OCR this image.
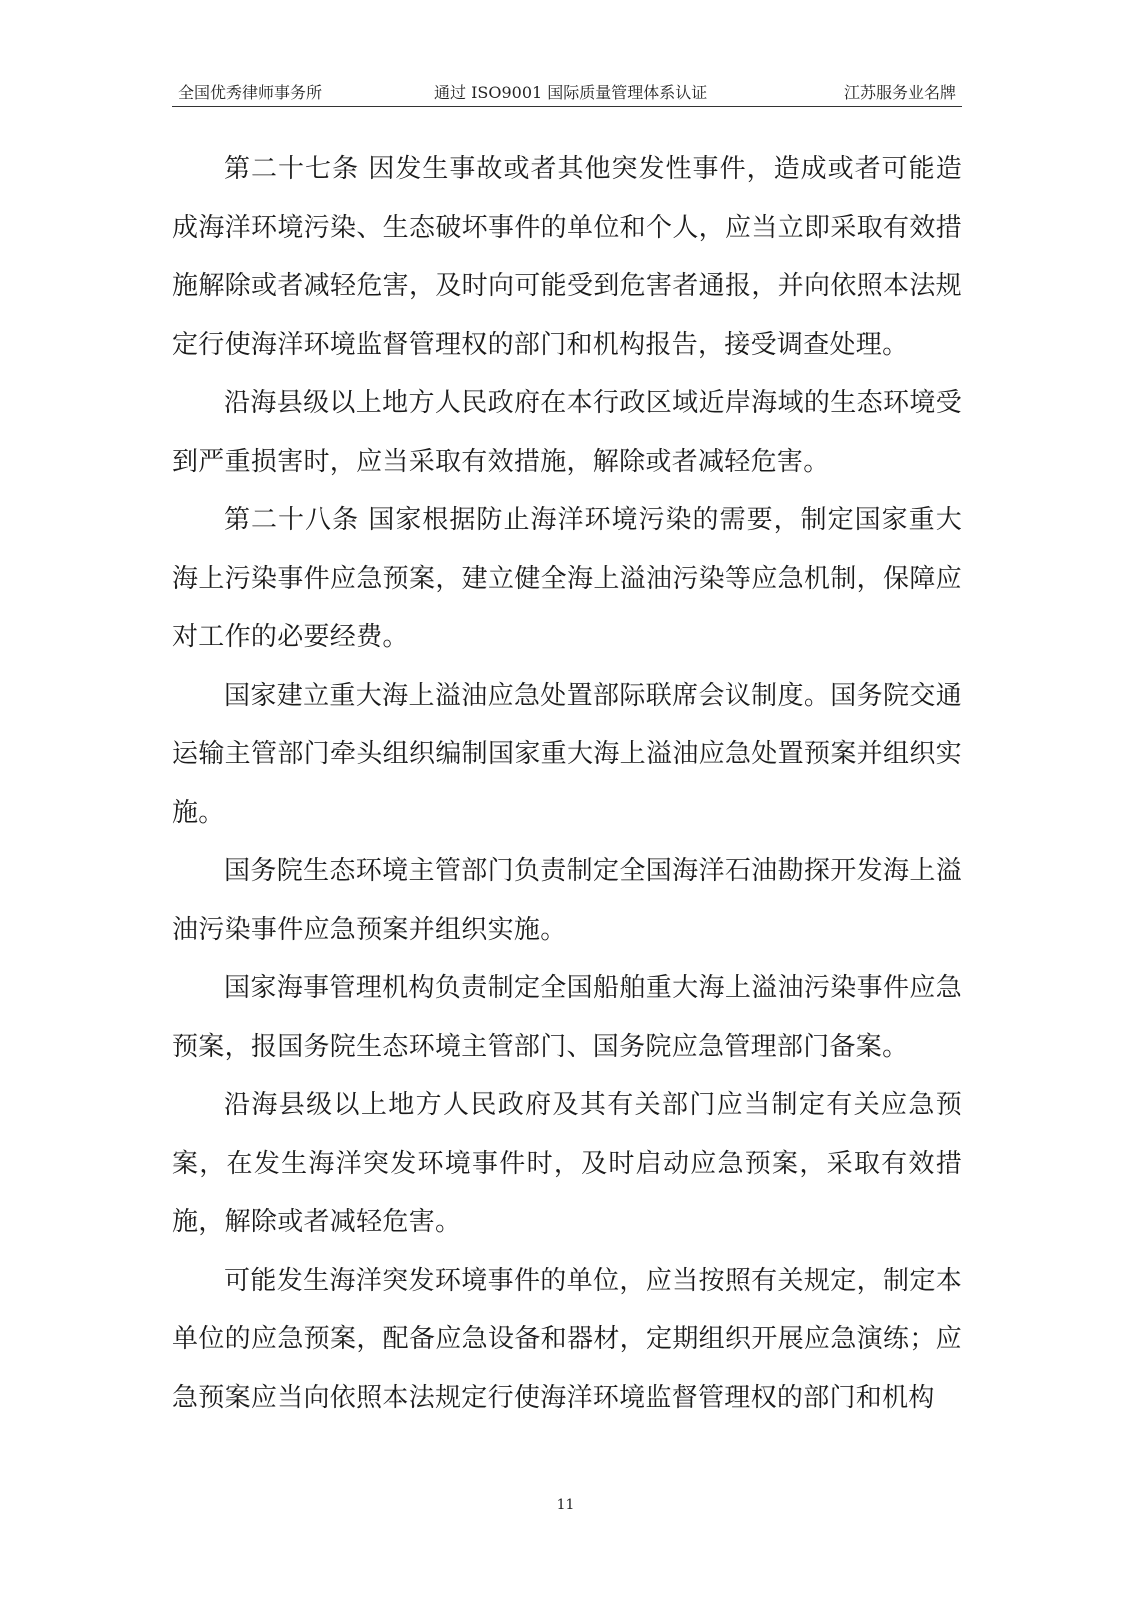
全国优秀律师事务所	通过 ISO9001 国际质量管理体系认证	江苏服务业名牌

第二十七条 因发生事故或者其他突发性事件，造成或者可能造成海洋环境污染、生态破坏事件的单位和个人，应当立即采取有效措施解除或者减轻危害，及时向可能受到危害者通报，并向依照本法规定行使海洋环境监督管理权的部门和机构报告，接受调查处理。

沿海县级以上地方人民政府在本行政区域近岸海域的生态环境受到严重损害时，应当采取有效措施，解除或者减轻危害。

第二十八条 国家根据防止海洋环境污染的需要，制定国家重大海上污染事件应急预案，建立健全海上溢油污染等应急机制，保障应对工作的必要经费。

国家建立重大海上溢油应急处置部际联席会议制度。国务院交通运输主管部门牵头组织编制国家重大海上溢油应急处置预案并组织实施。

国务院生态环境主管部门负责制定全国海洋石油勘探开发海上溢油污染事件应急预案并组织实施。

国家海事管理机构负责制定全国船舶重大海上溢油污染事件应急预案，报国务院生态环境主管部门、国务院应急管理部门备案。

沿海县级以上地方人民政府及其有关部门应当制定有关应急预案，在发生海洋突发环境事件时，及时启动应急预案，采取有效措施，解除或者减轻危害。

可能发生海洋突发环境事件的单位，应当按照有关规定，制定本单位的应急预案，配备应急设备和器材，定期组织开展应急演练；应急预案应当向依照本法规定行使海洋环境监督管理权的部门和机构

11
